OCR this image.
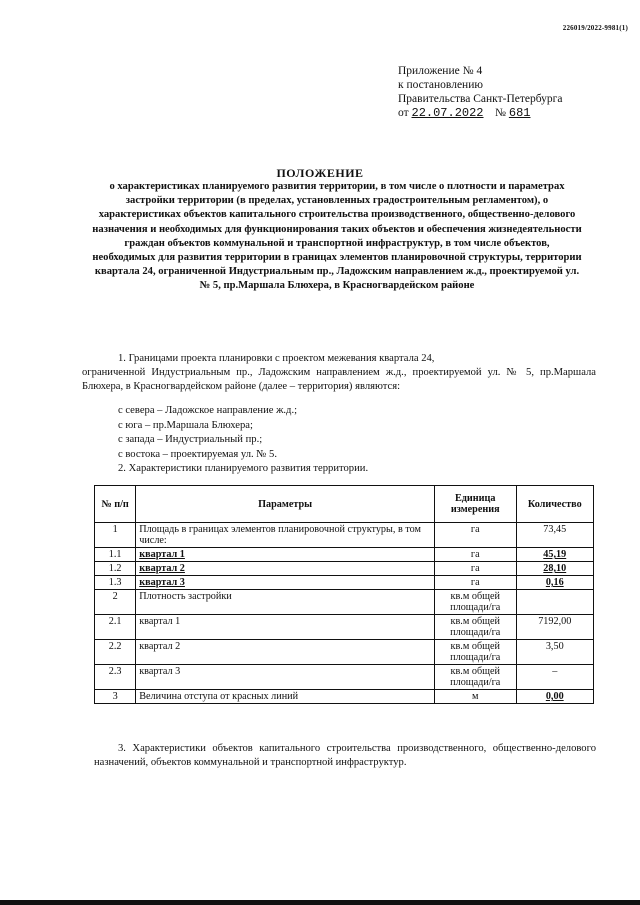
226019/2022-9981(1)
Приложение № 4
к постановлению
Правительства Санкт-Петербурга
от 22.07.2022 № 681
ПОЛОЖЕНИЕ
о характеристиках планируемого развития территории, в том числе о плотности и параметрах застройки территории (в пределах, установленных градостроительным регламентом), о характеристиках объектов капитального строительства производственного, общественно-делового назначения и необходимых для функционирования таких объектов и обеспечения жизнедеятельности граждан объектов коммунальной и транспортной инфраструктур, в том числе объектов, необходимых для развития территории в границах элементов планировочной структуры, территории квартала 24, ограниченной Индустриальным пр., Ладожским направлением ж.д., проектируемой ул. № 5, пр.Маршала Блюхера, в Красногвардейском районе
1. Границами проекта планировки с проектом межевания квартала 24,
ограниченной Индустриальным пр., Ладожским направлением ж.д., проектируемой ул. № 5, пр.Маршала Блюхера, в Красногвардейском районе (далее – территория) являются:
с севера – Ладожское направление ж.д.;
с юга – пр.Маршала Блюхера;
с запада – Индустриальный пр.;
с востока – проектируемая ул. № 5.
2. Характеристики планируемого развития территории.
№ п/п	Параметры	Единица измерения	Количество
1	Площадь в границах элементов планировочной структуры, в том числе:	га	73,45
1.1	квартал 1	га	45,19
1.2	квартал 2	га	28,10
1.3	квартал 3	га	0,16
2	Плотность застройки	кв.м общей площади/га	
2.1	квартал 1	кв.м общей площади/га	7192,00
2.2	квартал 2	кв.м общей площади/га	3,50
2.3	квартал 3	кв.м общей площади/га	–
3	Величина отступа от красных линий	м	0,00
3. Характеристики объектов капитального строительства производственного, общественно-делового назначений, объектов коммунальной и транспортной инфраструктур.
